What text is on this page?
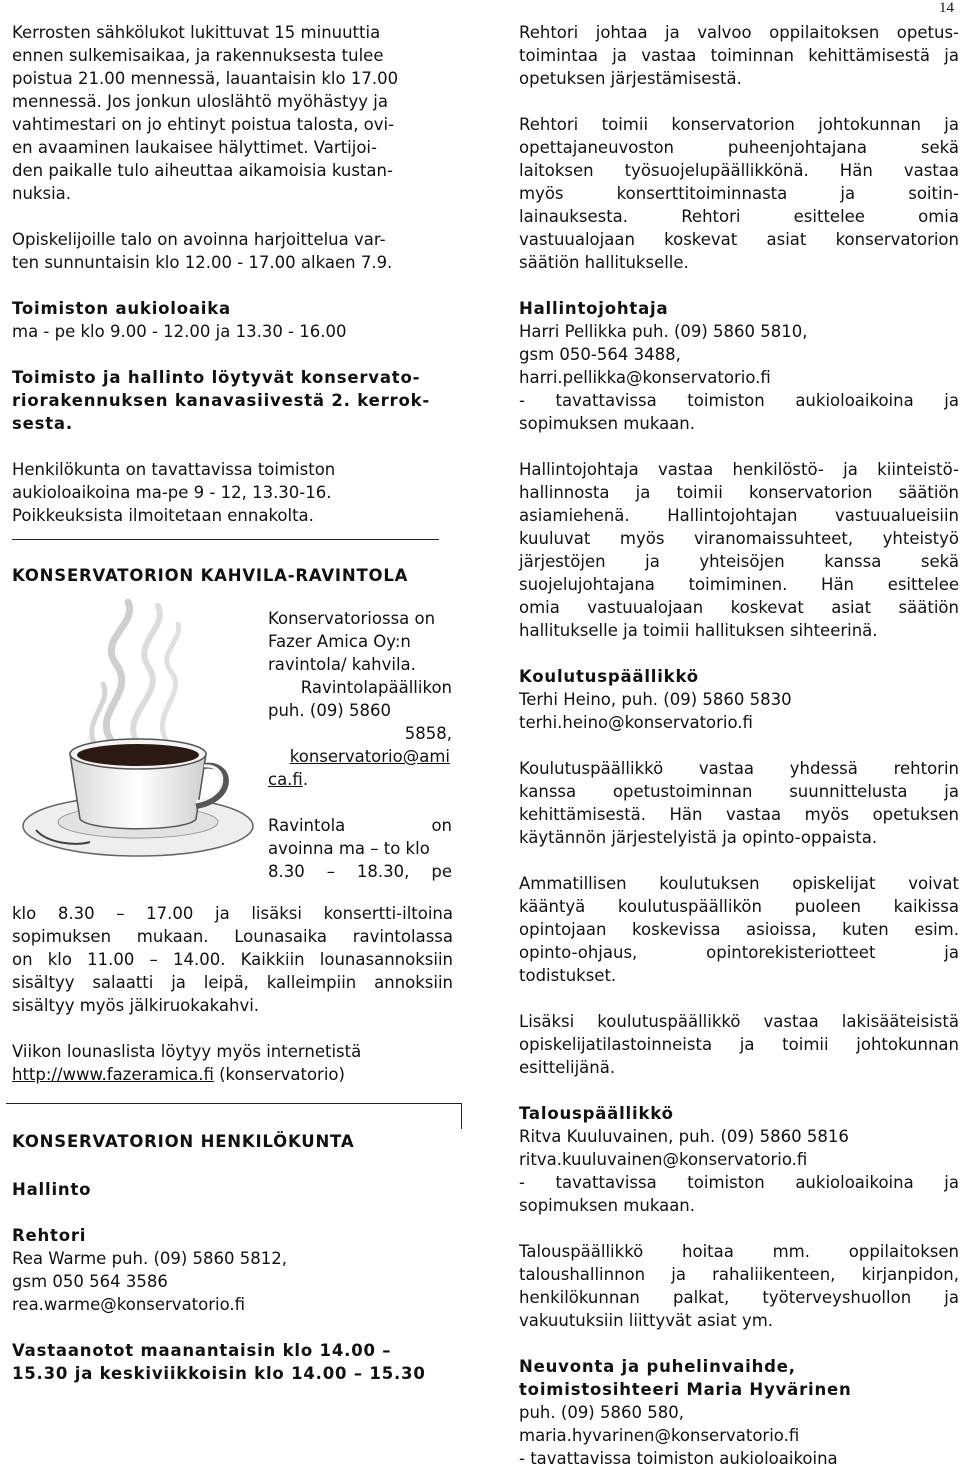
14
Kerrosten sähkölukot lukittuvat 15 minuuttia
ennen sulkemisaikaa, ja rakennuksesta tulee
poistua 21.00 mennessä, lauantaisin klo 17.00
mennessä. Jos jonkun uloslähtö myöhästyy ja
vahtimestari on jo ehtinyt poistua talosta, ovi-
en avaaminen laukaisee hälyttimet. Vartijoi-
den paikalle tulo aiheuttaa aikamoisia kustan-
nuksia.
Opiskelijoille talo on avoinna harjoittelua var-
ten sunnuntaisin klo 12.00 - 17.00 alkaen 7.9.
Toimiston aukioloaika
ma - pe klo 9.00 - 12.00 ja 13.30 - 16.00
Toimisto ja hallinto löytyvät konservato-
riorakennuksen kanavasiivestä 2. kerrok-
sesta.
Henkilökunta on tavattavissa toimiston
aukioloaikoina ma-pe 9 - 12, 13.30-16.
Poikkeuksista ilmoitetaan ennakolta.
KONSERVATORION KAHVILA-RAVINTOLA
Konservatoriossa on
Fazer Amica Oy:n
ravintola/ kahvila.
Ravintolapäällikon
puh. (09) 5860
5858,
konservatorio@ami
ca.fi.
Ravintola on
avoinna ma – to klo
8.30 – 18.30, pe
klo 8.30 – 17.00 ja lisäksi konsertti-iltoina
sopimuksen mukaan. Lounasaika ravintolassa
on klo 11.00 – 14.00. Kaikkiin lounasannoksiin
sisältyy salaatti ja leipä, kalleimpiin annoksiin
sisältyy myös jälkiruokakahvi.
Viikon lounaslista löytyy myös internetistä
http://www.fazeramica.fi (konservatorio)
KONSERVATORION HENKILÖKUNTA
Hallinto
Rehtori
Rea Warme puh. (09) 5860 5812,
gsm 050 564 3586
rea.warme@konservatorio.fi
Vastaanotot maanantaisin klo 14.00 –
15.30 ja keskiviikkoisin klo 14.00 – 15.30
Rehtori johtaa ja valvoo oppilaitoksen opetus-
toimintaa ja vastaa toiminnan kehittämisestä ja
opetuksen järjestämisestä.
Rehtori toimii konservatorion johtokunnan ja
opettajaneuvoston puheenjohtajana sekä
laitoksen työsuojelupäällikkönä. Hän vastaa
myös konserttitoiminnasta ja soitin-
lainauksesta. Rehtori esittelee omia
vastuualojaan koskevat asiat konservatorion
säätiön hallitukselle.
Hallintojohtaja
Harri Pellikka puh. (09) 5860 5810,
gsm 050-564 3488,
harri.pellikka@konservatorio.fi
- tavattavissa toimiston aukioloaikoina ja
sopimuksen mukaan.
Hallintojohtaja vastaa henkilöstö- ja kiinteistö-
hallinnosta ja toimii konservatorion säätiön
asiamiehenä. Hallintojohtajan vastuualueisiin
kuuluvat myös viranomaissuhteet, yhteistyö
järjestöjen ja yhteisöjen kanssa sekä
suojelujohtajana toimiminen. Hän esittelee
omia vastuualojaan koskevat asiat säätiön
hallitukselle ja toimii hallituksen sihteerinä.
Koulutuspäällikkö
Terhi Heino, puh. (09) 5860 5830
terhi.heino@konservatorio.fi
Koulutuspäällikkö vastaa yhdessä rehtorin
kanssa opetustoiminnan suunnittelusta ja
kehittämisestä. Hän vastaa myös opetuksen
käytännön järjestelyistä ja opinto-oppaista.
Ammatillisen koulutuksen opiskelijat voivat
kääntyä koulutuspäällikön puoleen kaikissa
opintojaan koskevissa asioissa, kuten esim.
opinto-ohjaus, opintorekisteriotteet ja
todistukset.
Lisäksi koulutuspäällikkö vastaa lakisääteisistä
opiskelijatilastoinneista ja toimii johtokunnan
esittelijänä.
Talouspäällikkö
Ritva Kuuluvainen, puh. (09) 5860 5816
ritva.kuuluvainen@konservatorio.fi
- tavattavissa toimiston aukioloaikoina ja
sopimuksen mukaan.
Talouspäällikkö hoitaa mm. oppilaitoksen
taloushallinnon ja rahaliikenteen, kirjanpidon,
henkilökunnan palkat, työterveyshuollon ja
vakuutuksiin liittyvät asiat ym.
Neuvonta ja puhelinvaihde,
toimistosihteeri Maria Hyvärinen
puh. (09) 5860 580,
maria.hyvarinen@konservatorio.fi
- tavattavissa toimiston aukioloaikoina
